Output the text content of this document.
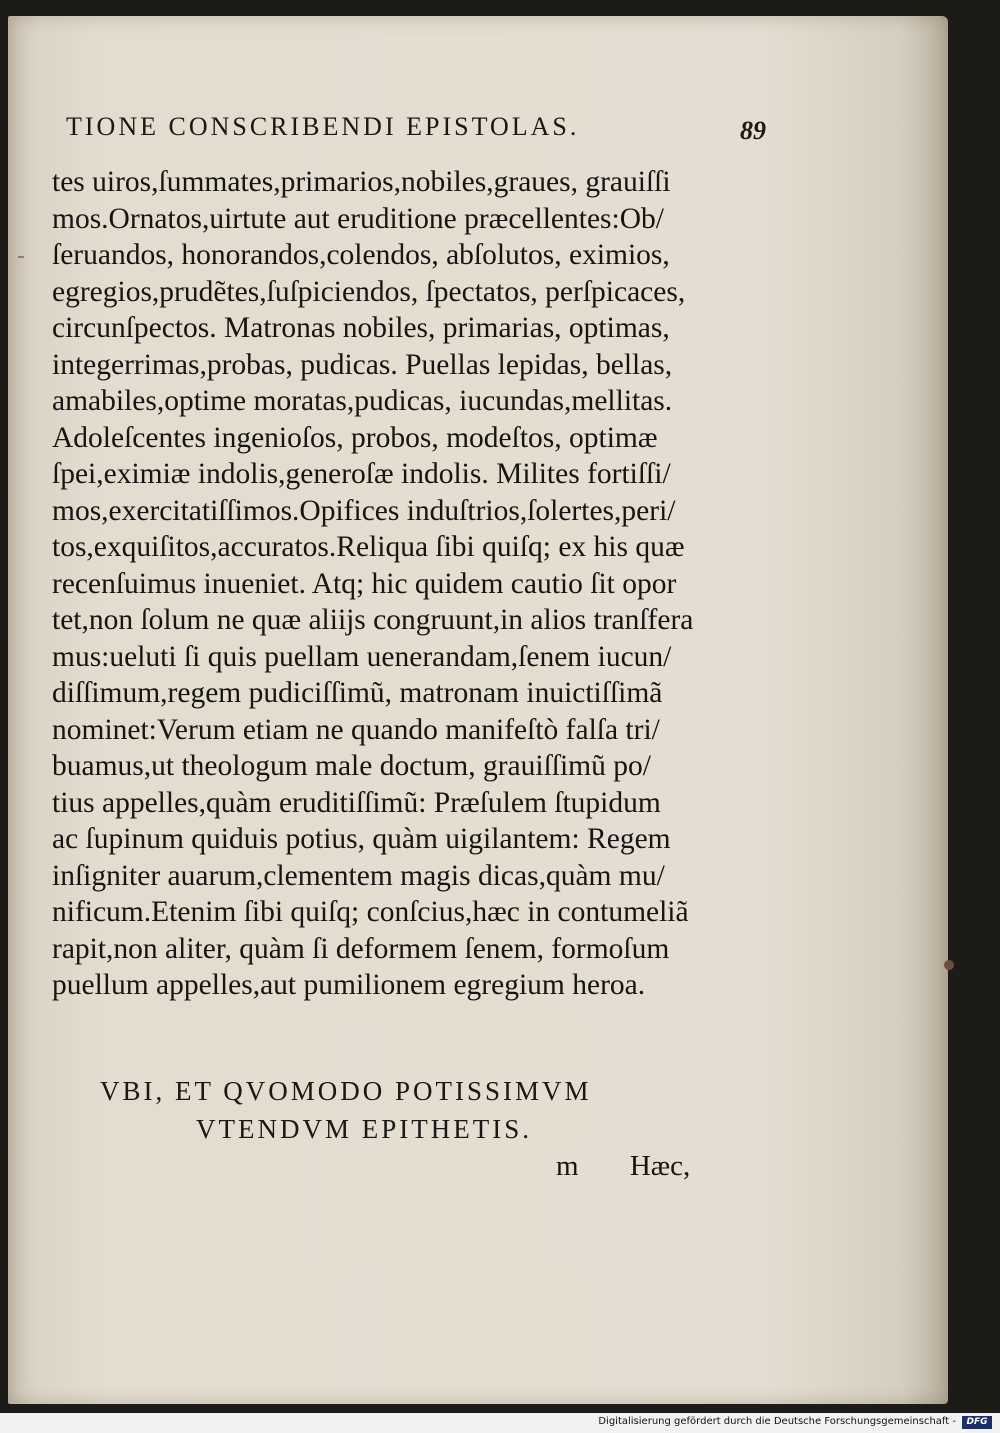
TIONE CONSCRIBENDI EPISTOLAS.	89
tes uiros,ſummates,primarios,nobiles,graues, grauiſſi
mos.Ornatos,uirtute aut eruditione præcellentes:Ob/
ſeruandos, honorandos,colendos, abſolutos, eximios,
egregios,prudẽtes,ſuſpiciendos, ſpectatos, perſpicaces,
circunſpectos. Matronas nobiles, primarias, optimas,
integerrimas,probas, pudicas. Puellas lepidas, bellas,
amabiles,optime moratas,pudicas, iucundas,mellitas.
Adoleſcentes ingenioſos, probos, modeſtos, optimæ
ſpei,eximiæ indolis,generoſæ indolis. Milites fortiſſi/
mos,exercitatiſſimos.Opifices induſtrios,ſolertes,peri/
tos,exquiſitos,accuratos.Reliqua ſibi quiſq; ex his quæ
recenſuimus inueniet. Atq; hic quidem cautio ſit opor
tet,non ſolum ne quæ aliĳs congruunt,in alios tranſfera
mus:ueluti ſi quis puellam uenerandam,ſenem iucun/
diſſimum,regem pudiciſſimũ, matronam inuictiſſimã
nominet:Verum etiam ne quando manifeſtò falſa tri/
buamus,ut theologum male doctum, grauiſſimũ po/
tius appelles,quàm eruditiſſimũ: Præſulem ſtupidum
ac ſupinum quiduis potius, quàm uigilantem: Regem
inſigniter auarum,clementem magis dicas,quàm mu/
nificum.Etenim ſibi quiſq; conſcius,hæc in contumeliã
rapit,non aliter, quàm ſi deformem ſenem, formoſum
puellum appelles,aut pumilionem egregium heroa.
VBI, ET QVOMODO POTISSIMVM
VTENDVM EPITHETIS.
m Hæc,
Digitalisierung gefördert durch die Deutsche Forschungsgemeinschaft -	DFG
